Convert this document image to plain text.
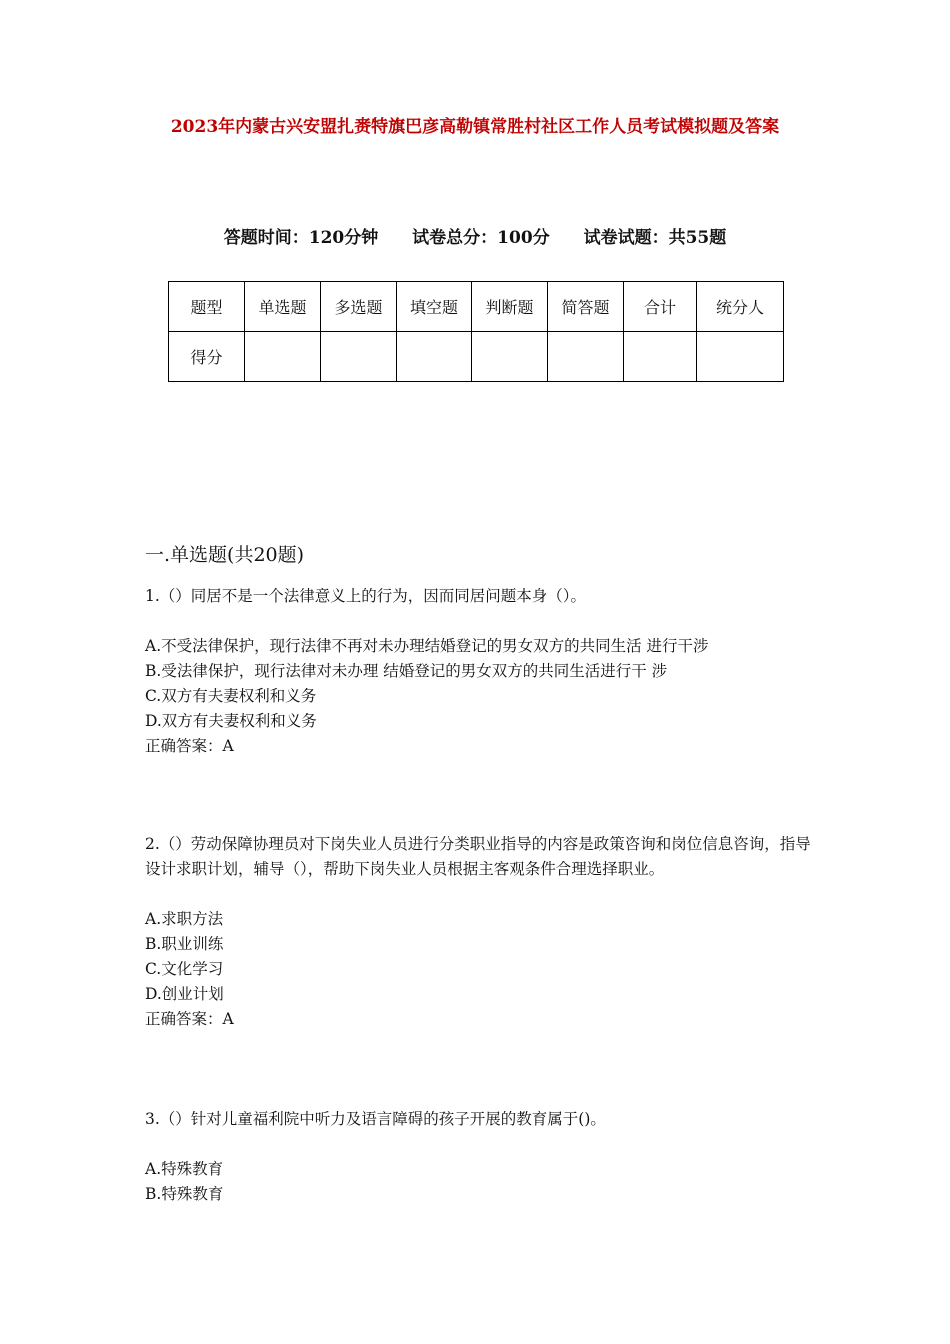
2023年内蒙古兴安盟扎赉特旗巴彦高勒镇常胜村社区工作人员考试模拟题及答案
答题时间：120分钟 试卷总分：100分 试卷试题：共55题
题型	单选题	多选题	填空题	判断题	简答题	合计	统分人
得分							
一.单选题(共20题)

1.（）同居不是一个法律意义上的行为，因而同居问题本身（）。

A.不受法律保护，现行法律不再对未办理结婚登记的男女双方的共同生活 进行干涉

B.受法律保护，现行法律对未办理 结婚登记的男女双方的共同生活进行干 涉

C.双方有夫妻权利和义务

D.双方有夫妻权利和义务

正确答案：A

2.（）劳动保障协理员对下岗失业人员进行分类职业指导的内容是政策咨询和岗位信息咨询，指导设计求职计划，辅导（），帮助下岗失业人员根据主客观条件合理选择职业。

A.求职方法

B.职业训练

C.文化学习

D.创业计划

正确答案：A

3.（）针对儿童福利院中听力及语言障碍的孩子开展的教育属于()。

A.特殊教育

B.特殊教育
